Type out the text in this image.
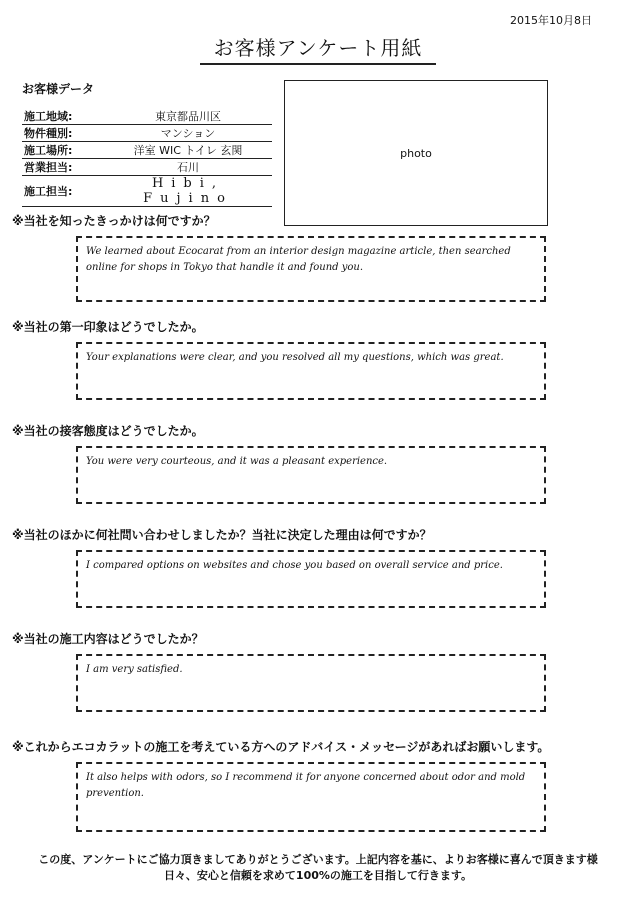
2015年10月8日
お客様アンケート用紙
お客様データ
施工地域:	東京都品川区
物件種別:	マンション
施工場所:	洋室 WIC トイレ 玄関
営業担当:	石川
施工担当:	Hibi, Fujino
photo
※当社を知ったきっかけは何ですか？
We learned about Ecocarat from an interior design magazine article, then searched online for shops in Tokyo that handle it and found you.
※当社の第一印象はどうでしたか。
Your explanations were clear, and you resolved all my questions, which was great.
※当社の接客態度はどうでしたか。
You were very courteous, and it was a pleasant experience.
※当社のほかに何社問い合わせしましたか？当社に決定した理由は何ですか？
I compared options on websites and chose you based on overall service and price.
※当社の施工内容はどうでしたか？
I am very satisfied.
※これからエコカラットの施工を考えている方へのアドバイス・メッセージがあればお願いします。
It also helps with odors, so I recommend it for anyone concerned about odor and mold prevention.
この度、アンケートにご協力頂きましてありがとうございます。上記内容を基に、よりお客様に喜んで頂きます様
日々、安心と信頼を求めて100%の施工を目指して行きます。
